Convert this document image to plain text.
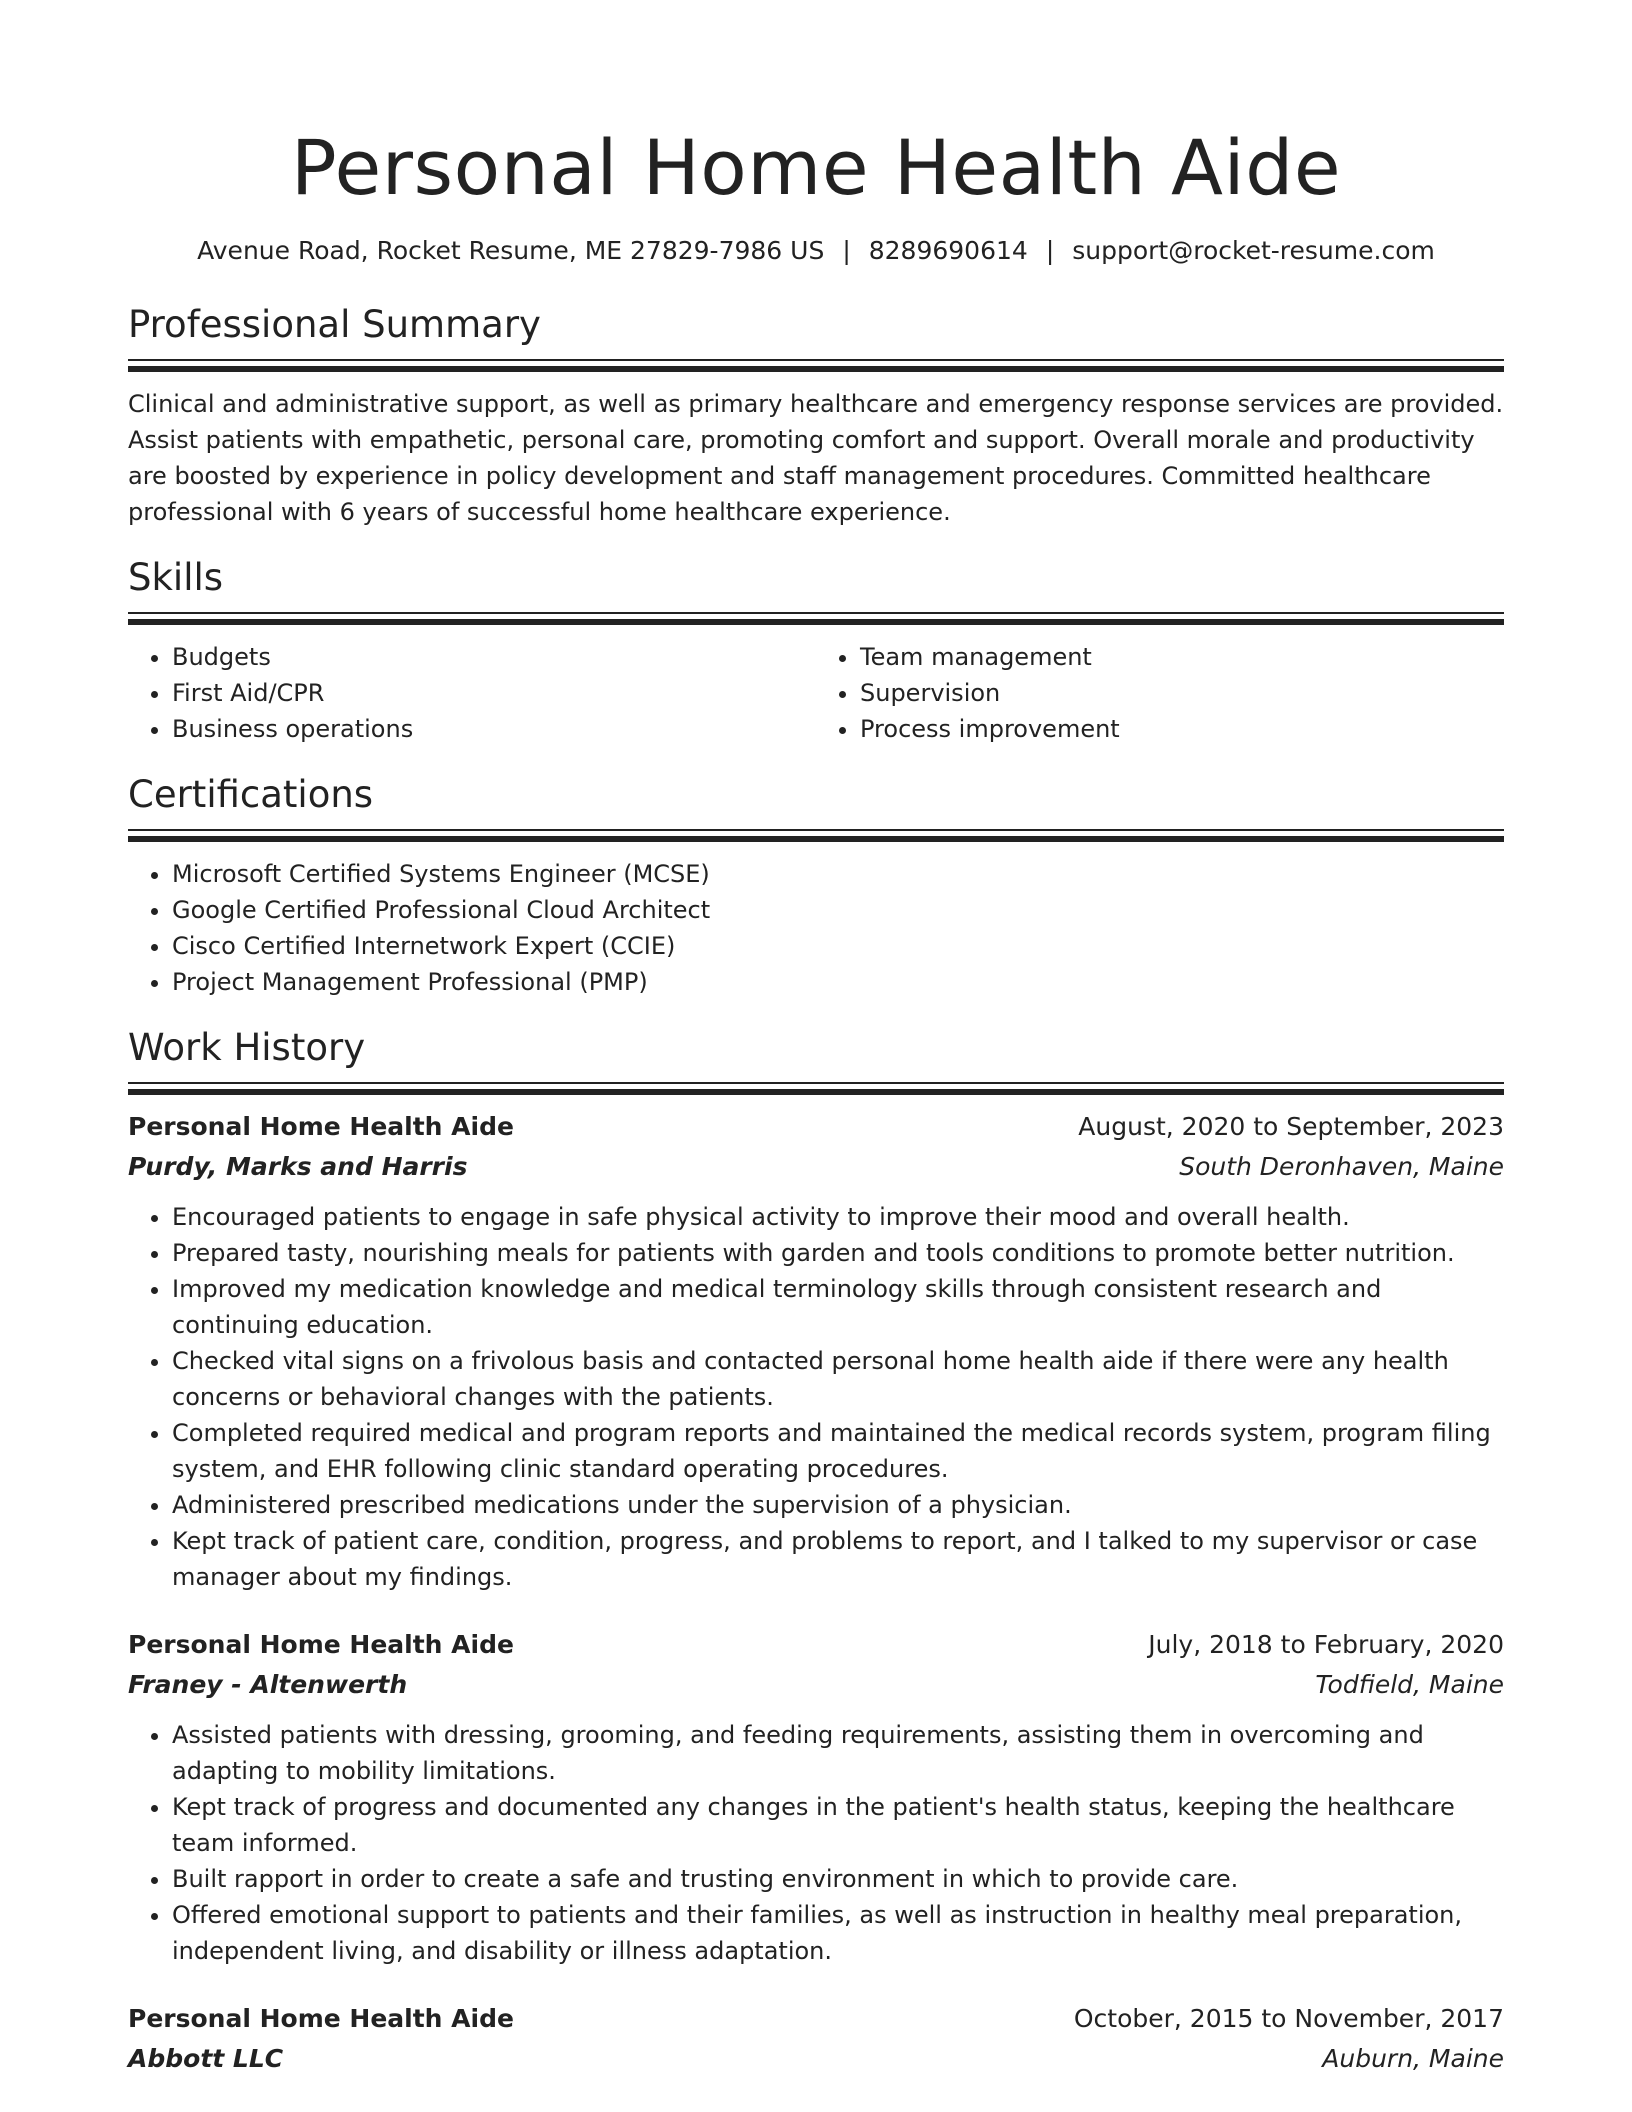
Personal Home Health Aide
Avenue Road, Rocket Resume, ME 27829-7986 US | 8289690614 | support@rocket-resume.com
Professional Summary
Clinical and administrative support, as well as primary healthcare and emergency response services are provided. Assist patients with empathetic, personal care, promoting comfort and support. Overall morale and productivity are boosted by experience in policy development and staff management procedures. Committed healthcare professional with 6 years of successful home healthcare experience.
Skills
• Budgets
• First Aid/CPR
• Business operations
• Team management
• Supervision
• Process improvement
Certifications
• Microsoft Certified Systems Engineer (MCSE)
• Google Certified Professional Cloud Architect
• Cisco Certified Internetwork Expert (CCIE)
• Project Management Professional (PMP)
Work History
Personal Home Health Aide	August, 2020 to September, 2023
Purdy, Marks and Harris	South Deronhaven, Maine
• Encouraged patients to engage in safe physical activity to improve their mood and overall health.
• Prepared tasty, nourishing meals for patients with garden and tools conditions to promote better nutrition.
• Improved my medication knowledge and medical terminology skills through consistent research and continuing education.
• Checked vital signs on a frivolous basis and contacted personal home health aide if there were any health concerns or behavioral changes with the patients.
• Completed required medical and program reports and maintained the medical records system, program filing system, and EHR following clinic standard operating procedures.
• Administered prescribed medications under the supervision of a physician.
• Kept track of patient care, condition, progress, and problems to report, and I talked to my supervisor or case manager about my findings.
Personal Home Health Aide	July, 2018 to February, 2020
Franey - Altenwerth	Todfield, Maine
• Assisted patients with dressing, grooming, and feeding requirements, assisting them in overcoming and adapting to mobility limitations.
• Kept track of progress and documented any changes in the patient's health status, keeping the healthcare team informed.
• Built rapport in order to create a safe and trusting environment in which to provide care.
• Offered emotional support to patients and their families, as well as instruction in healthy meal preparation, independent living, and disability or illness adaptation.
Personal Home Health Aide	October, 2015 to November, 2017
Abbott LLC	Auburn, Maine
